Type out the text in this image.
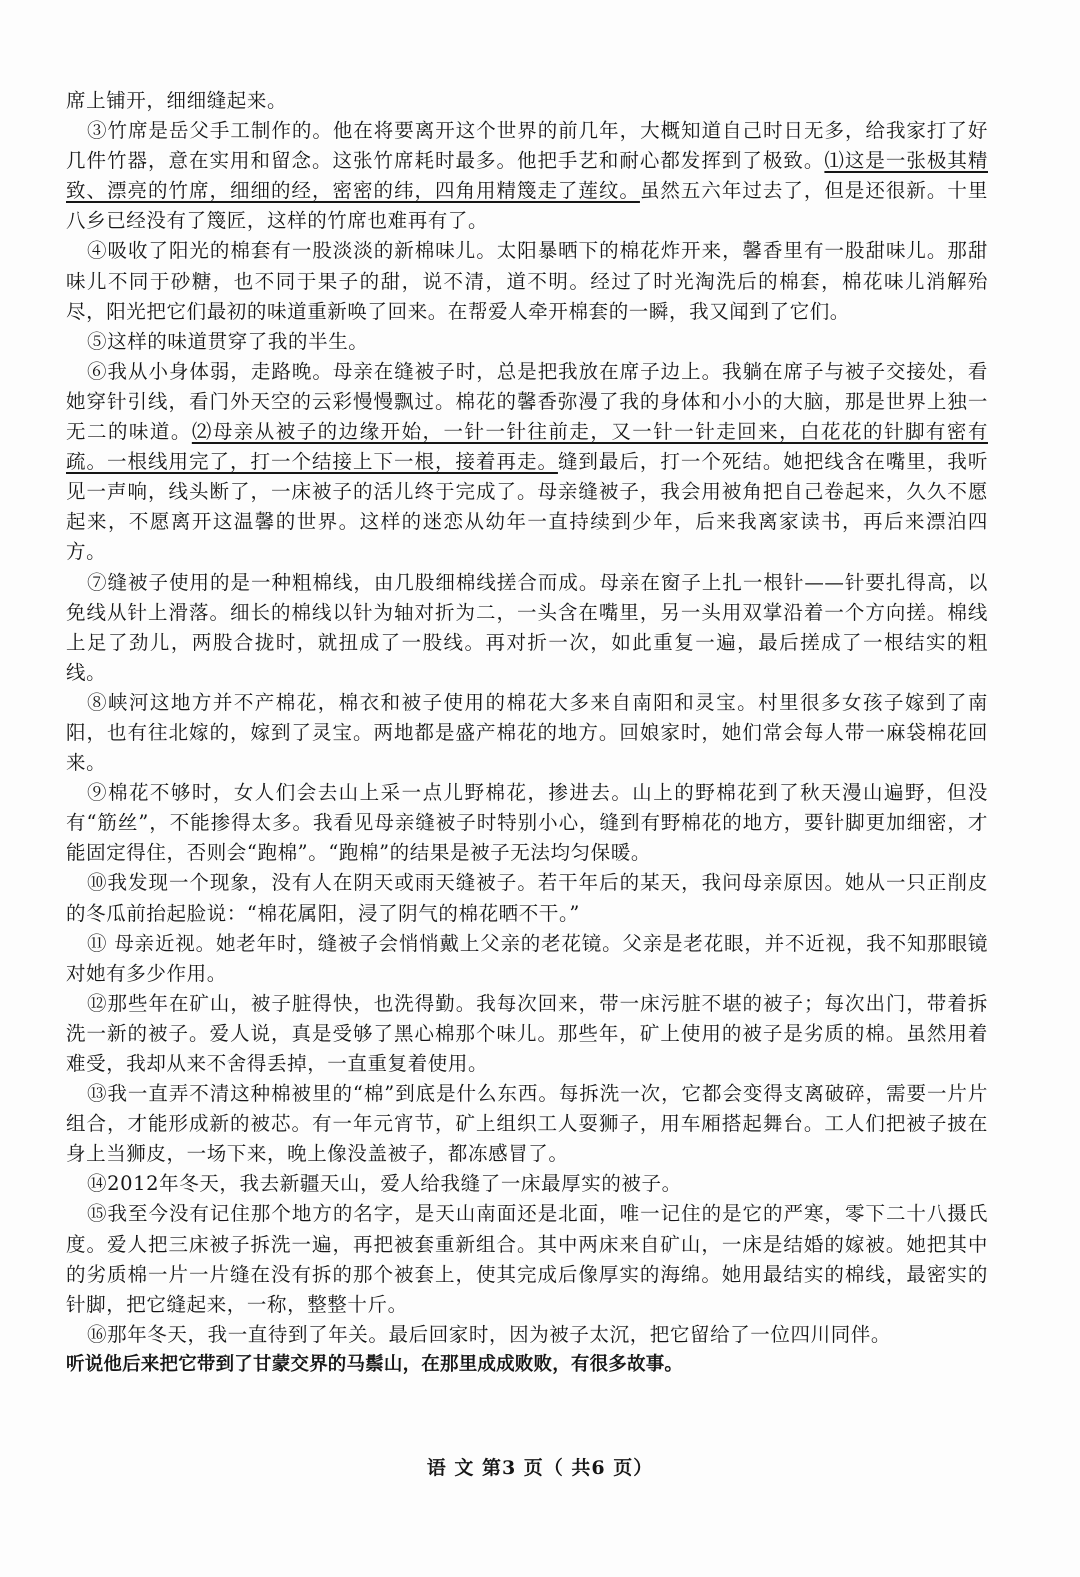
席上铺开，细细缝起来。

③竹席是岳父手工制作的。他在将要离开这个世界的前几年，大概知道自己时日无多，给我家打了好几件竹器，意在实用和留念。这张竹席耗时最多。他把手艺和耐心都发挥到了极致。⑴这是一张极其精致、漂亮的竹席，细细的经，密密的纬，四角用精篾走了莲纹。虽然五六年过去了，但是还很新。十里八乡已经没有了篾匠，这样的竹席也难再有了。

④吸收了阳光的棉套有一股淡淡的新棉味儿。太阳暴晒下的棉花炸开来，馨香里有一股甜味儿。那甜味儿不同于砂糖，也不同于果子的甜，说不清，道不明。经过了时光淘洗后的棉套，棉花味儿消解殆尽，阳光把它们最初的味道重新唤了回来。在帮爱人牵开棉套的一瞬，我又闻到了它们。

⑤这样的味道贯穿了我的半生。

⑥我从小身体弱，走路晚。母亲在缝被子时，总是把我放在席子边上。我躺在席子与被子交接处，看她穿针引线，看门外天空的云彩慢慢飘过。棉花的馨香弥漫了我的身体和小小的大脑，那是世界上独一无二的味道。⑵母亲从被子的边缘开始，一针一针往前走，又一针一针走回来，白花花的针脚有密有疏。一根线用完了，打一个结接上下一根，接着再走。缝到最后，打一个死结。她把线含在嘴里，我听见一声响，线头断了，一床被子的活儿终于完成了。母亲缝被子，我会用被角把自己卷起来，久久不愿起来，不愿离开这温馨的世界。这样的迷恋从幼年一直持续到少年，后来我离家读书，再后来漂泊四方。

⑦缝被子使用的是一种粗棉线，由几股细棉线搓合而成。母亲在窗子上扎一根针——针要扎得高，以免线从针上滑落。细长的棉线以针为轴对折为二，一头含在嘴里，另一头用双掌沿着一个方向搓。棉线上足了劲儿，两股合拢时，就扭成了一股线。再对折一次，如此重复一遍，最后搓成了一根结实的粗线。

⑧峡河这地方并不产棉花，棉衣和被子使用的棉花大多来自南阳和灵宝。村里很多女孩子嫁到了南阳，也有往北嫁的，嫁到了灵宝。两地都是盛产棉花的地方。回娘家时，她们常会每人带一麻袋棉花回来。

⑨棉花不够时，女人们会去山上采一点儿野棉花，掺进去。山上的野棉花到了秋天漫山遍野，但没有“筋丝”，不能掺得太多。我看见母亲缝被子时特别小心，缝到有野棉花的地方，要针脚更加细密，才能固定得住，否则会“跑棉”。“跑棉”的结果是被子无法均匀保暖。

⑩我发现一个现象，没有人在阴天或雨天缝被子。若干年后的某天，我问母亲原因。她从一只正削皮的冬瓜前抬起脸说：“棉花属阳，浸了阴气的棉花晒不干。”

⑪ 母亲近视。她老年时，缝被子会悄悄戴上父亲的老花镜。父亲是老花眼，并不近视，我不知那眼镜对她有多少作用。

⑫那些年在矿山，被子脏得快，也洗得勤。我每次回来，带一床污脏不堪的被子；每次出门，带着拆洗一新的被子。爱人说，真是受够了黑心棉那个味儿。那些年，矿上使用的被子是劣质的棉。虽然用着难受，我却从来不舍得丢掉，一直重复着使用。

⑬我一直弄不清这种棉被里的“棉”到底是什么东西。每拆洗一次，它都会变得支离破碎，需要一片片组合，才能形成新的被芯。有一年元宵节，矿上组织工人耍狮子，用车厢搭起舞台。工人们把被子披在身上当狮皮，一场下来，晚上像没盖被子，都冻感冒了。

⑭2012年冬天，我去新疆天山，爱人给我缝了一床最厚实的被子。

⑮我至今没有记住那个地方的名字，是天山南面还是北面，唯一记住的是它的严寒，零下二十八摄氏度。爱人把三床被子拆洗一遍，再把被套重新组合。其中两床来自矿山，一床是结婚的嫁被。她把其中的劣质棉一片一片缝在没有拆的那个被套上，使其完成后像厚实的海绵。她用最结实的棉线，最密实的针脚，把它缝起来，一称，整整十斤。

⑯那年冬天，我一直待到了年关。最后回家时，因为被子太沉，把它留给了一位四川同伴。

听说他后来把它带到了甘蒙交界的马鬃山，在那里成成败败，有很多故事。

语 文 第3 页（ 共6 页）
